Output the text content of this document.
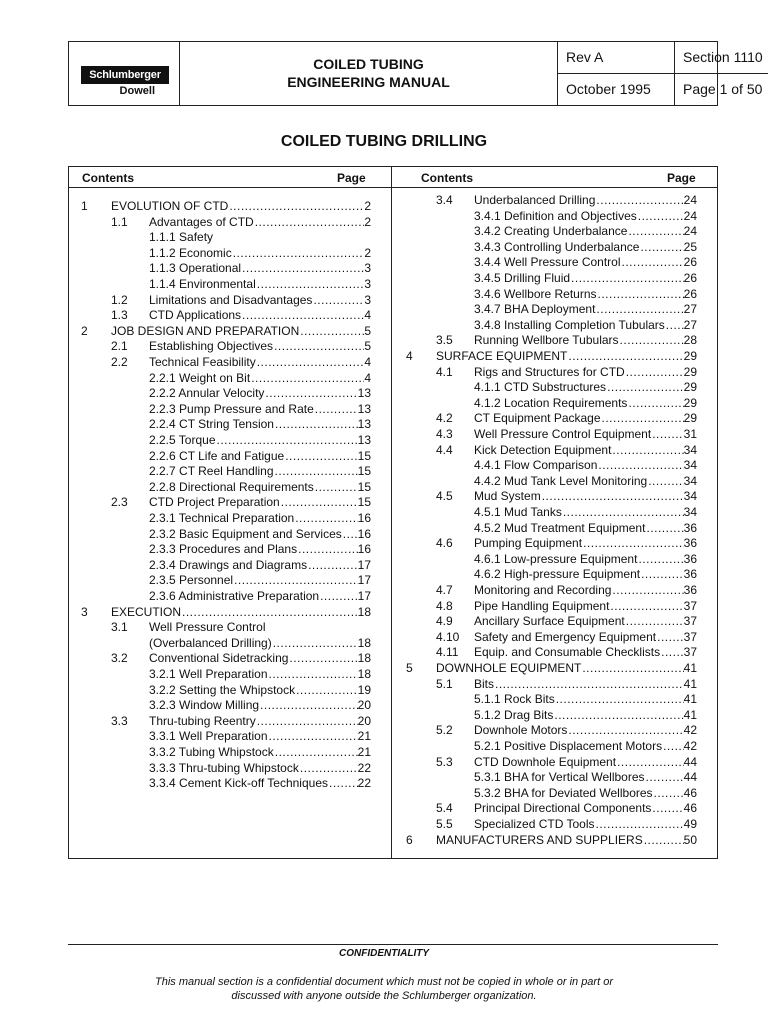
Schlumberger
Dowell
COILED TUBING
ENGINEERING MANUAL
Rev A	Section 1110
October 1995	Page 1 of 50
COILED TUBING DRILLING
Contents	Page	Contents	Page
1 EVOLUTION OF CTD .....	2
1.1 Advantages of CTD .....	2
1.1.1 Safety
1.1.2 Economic .....	2
1.1.3 Operational .....	3
1.1.4 Environmental .....	3
1.2 Limitations and Disadvantages .....	3
1.3 CTD Applications .....	4
2 JOB DESIGN AND PREPARATION .....	5
2.1 Establishing Objectives .....	5
2.2 Technical Feasibility .....	4
2.2.1 Weight on Bit .....	4
2.2.2 Annular Velocity .....	13
2.2.3 Pump Pressure and Rate .....	13
2.2.4 CT String Tension .....	13
2.2.5 Torque .....	13
2.2.6 CT Life and Fatigue .....	15
2.2.7 CT Reel Handling .....	15
2.2.8 Directional Requirements .....	15
2.3 CTD Project Preparation .....	15
2.3.1 Technical Preparation .....	16
2.3.2 Basic Equipment and Services ..... 16
2.3.3 Procedures and Plans .....	16
2.3.4 Drawings and Diagrams .....	17
2.3.5 Personnel .....	17
2.3.6 Administrative Preparation .....	17
3 EXECUTION .....	18
3.1 Well Pressure Control
(Overbalanced Drilling) .....	18
3.2 Conventional Sidetracking .....	18
3.2.1 Well Preparation .....	18
3.2.2 Setting the Whipstock .....	19
3.2.3 Window Milling .....	20
3.3 Thru-tubing Reentry .....	20
3.3.1 Well Preparation .....	21
3.3.2 Tubing Whipstock .....	21
3.3.3 Thru-tubing Whipstock .....	22
3.3.4 Cement Kick-off Techniques ..... 22
3.4 Underbalanced Drilling .....	24
3.4.1 Definition and Objectives .....	24
3.4.2 Creating Underbalance .....	24
3.4.3 Controlling Underbalance .....	25
3.4.4 Well Pressure Control .....	26
3.4.5 Drilling Fluid .....	26
3.4.6 Wellbore Returns .....	26
3.4.7 BHA Deployment .....	27
3.4.8 Installing Completion Tubulars ..... 27
3.5 Running Wellbore Tubulars .....	28
4 SURFACE EQUIPMENT .....	29
4.1 Rigs and Structures for CTD .....	29
4.1.1 CTD Substructures .....	29
4.1.2 Location Requirements .....	29
4.2 CT Equipment Package .....	29
4.3 Well Pressure Control Equipment .....	31
4.4 Kick Detection Equipment .....	34
4.4.1 Flow Comparison .....	34
4.4.2 Mud Tank Level Monitoring .....	34
4.5 Mud System .....	34
4.5.1 Mud Tanks .....	34
4.5.2 Mud Treatment Equipment .....	36
4.6 Pumping Equipment .....	36
4.6.1 Low-pressure Equipment .....	36
4.6.2 High-pressure Equipment .....	36
4.7 Monitoring and Recording .....	36
4.8 Pipe Handling Equipment .....	37
4.9 Ancillary Surface Equipment .....	37
4.10 Safety and Emergency Equipment ..... 37
4.11 Equip. and Consumable Checklists ..... 37
5 DOWNHOLE EQUIPMENT .....	41
5.1 Bits .....	41
5.1.1 Rock Bits .....	41
5.1.2 Drag Bits .....	41
5.2 Downhole Motors .....	42
5.2.1 Positive Displacement Motors ..... 42
5.3 CTD Downhole Equipment .....	44
5.3.1 BHA for Vertical Wellbores .....	44
5.3.2 BHA for Deviated Wellbores .....	46
5.4 Principal Directional Components .....	46
5.5 Specialized CTD Tools .....	49
6 MANUFACTURERS AND SUPPLIERS .....	50
CONFIDENTIALITY
This manual section is a confidential document which must not be copied in whole or in part or
discussed with anyone outside the Schlumberger organization.
